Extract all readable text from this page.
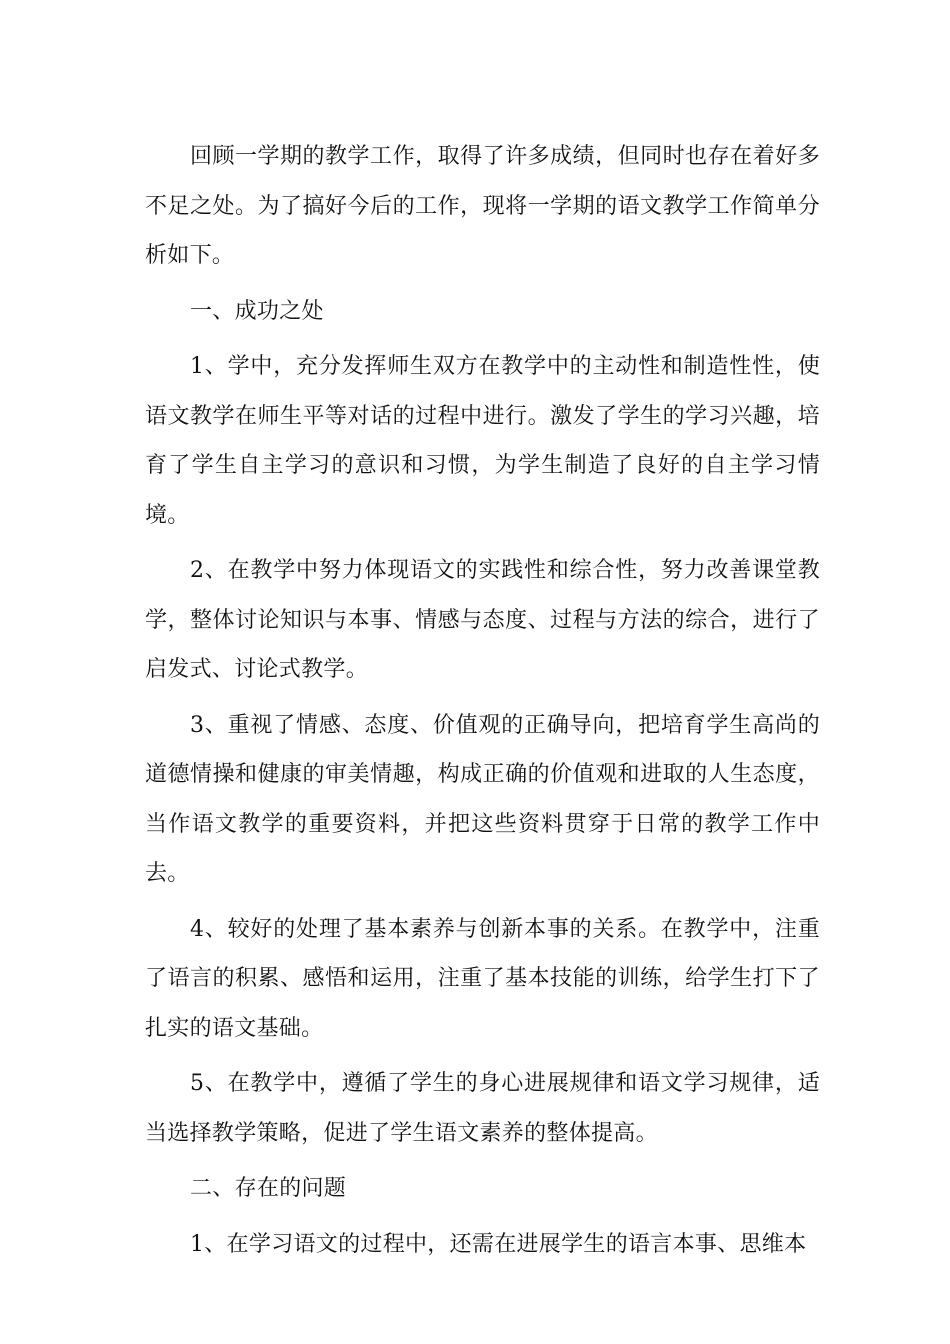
回顾一学期的教学工作，取得了许多成绩，但同时也存在着好多不足之处。为了搞好今后的工作，现将一学期的语文教学工作简单分析如下。

一、成功之处

1、学中，充分发挥师生双方在教学中的主动性和制造性性，使语文教学在师生平等对话的过程中进行。激发了学生的学习兴趣，培育了学生自主学习的意识和习惯，为学生制造了良好的自主学习情境。

2、在教学中努力体现语文的实践性和综合性，努力改善课堂教学，整体讨论知识与本事、情感与态度、过程与方法的综合，进行了启发式、讨论式教学。

3、重视了情感、态度、价值观的正确导向，把培育学生高尚的道德情操和健康的审美情趣，构成正确的价值观和进取的人生态度，当作语文教学的重要资料，并把这些资料贯穿于日常的教学工作中去。

4、较好的处理了基本素养与创新本事的关系。在教学中，注重了语言的积累、感悟和运用，注重了基本技能的训练，给学生打下了扎实的语文基础。

5、在教学中，遵循了学生的身心进展规律和语文学习规律，适当选择教学策略，促进了学生语文素养的整体提高。

二、存在的问题

1、在学习语文的过程中，还需在进展学生的语言本事、思维本
